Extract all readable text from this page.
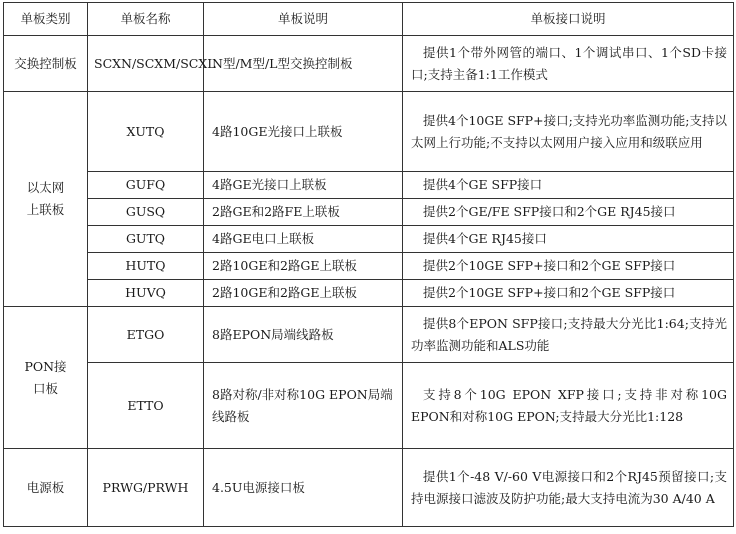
单板类别	单板名称	单板说明	单板接口说明
交换控制板	SCXN/SCXM/SCXL	N型/M型/L型交换控制板	提供1个带外网管的端口、1个调试串口、1个SD卡接口;支持主备1:1工作模式
以太网上联板	XUTQ	4路10GE光接口上联板	提供4个10GE SFP+接口;支持光功率监测功能;支持以太网上行功能;不支持以太网用户接入应用和级联应用
	GUFQ	4路GE光接口上联板	提供4个GE SFP接口
	GUSQ	2路GE和2路FE上联板	提供2个GE/FE SFP接口和2个GE RJ45接口
	GUTQ	4路GE电口上联板	提供4个GE RJ45接口
	HUTQ	2路10GE和2路GE上联板	提供2个10GE SFP+接口和2个GE SFP接口
	HUVQ	2路10GE和2路GE上联板	提供2个10GE SFP+接口和2个GE SFP接口
PON接口板	ETGO	8路EPON局端线路板	提供8个EPON SFP接口;支持最大分光比1:64;支持光功率监测功能和ALS功能
	ETTO	8路对称/非对称10G EPON局端线路板	支持8个10G EPON XFP接口;支持非对称10G EPON和对称10G EPON;支持最大分光比1:128
电源板	PRWG/PRWH	4.5U电源接口板	提供1个-48 V/-60 V电源接口和2个RJ45预留接口;支持电源接口滤波及防护功能;最大支持电流为30 A/40 A
